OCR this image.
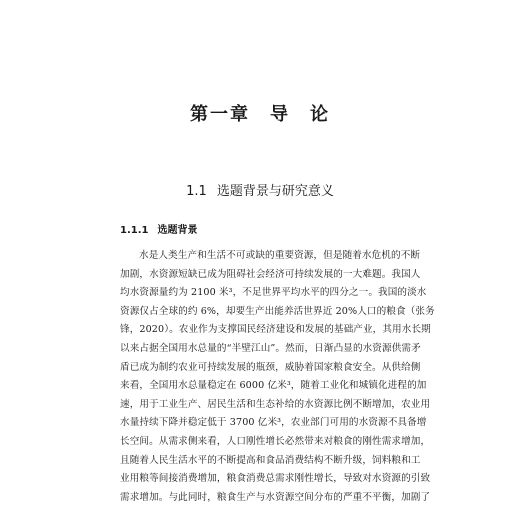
第一章　导　论
1.1 选题背景与研究意义
1.1.1 选题背景
水是人类生产和生活不可或缺的重要资源，但是随着水危机的不断
加剧，水资源短缺已成为阻碍社会经济可持续发展的一大难题。我国人
均水资源量约为 2100 米³，不足世界平均水平的四分之一。我国的淡水
资源仅占全球的约 6%，却要生产出能养活世界近 20%人口的粮食（张务
锋，2020）。农业作为支撑国民经济建设和发展的基础产业，其用水长期
以来占据全国用水总量的“半壁江山”。然而，日渐凸显的水资源供需矛
盾已成为制约农业可持续发展的瓶颈，威胁着国家粮食安全。从供给侧
来看，全国用水总量稳定在 6000 亿米³，随着工业化和城镇化进程的加
速，用于工业生产、居民生活和生态补给的水资源比例不断增加，农业用
水量持续下降并稳定低于 3700 亿米³，农业部门可用的水资源不具备增
长空间。从需求侧来看，人口刚性增长必然带来对粮食的刚性需求增加，
且随着人民生活水平的不断提高和食品消费结构不断升级，饲料粮和工
业用粮等间接消费增加，粮食消费总需求刚性增长，导致对水资源的引致
需求增加。与此同时，粮食生产与水资源空间分布的严重不平衡，加剧了
